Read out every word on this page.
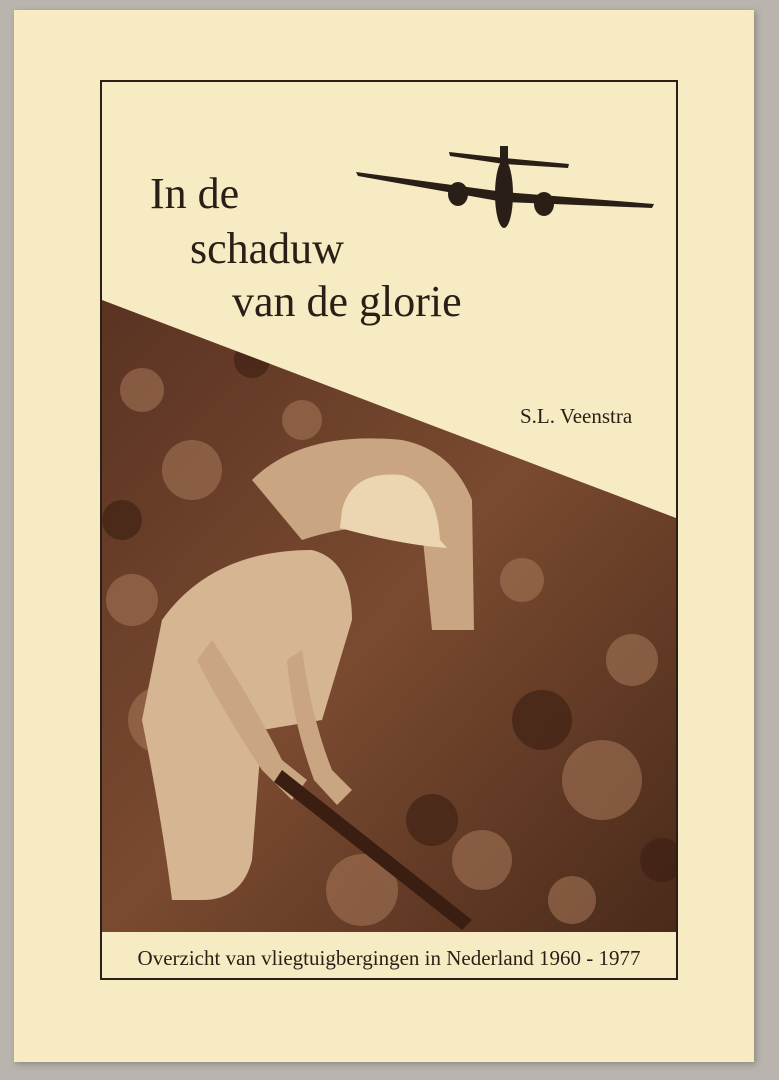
In de
schaduw
van de glorie
S.L. Veenstra
Overzicht van vliegtuigbergingen in Nederland 1960 - 1977
